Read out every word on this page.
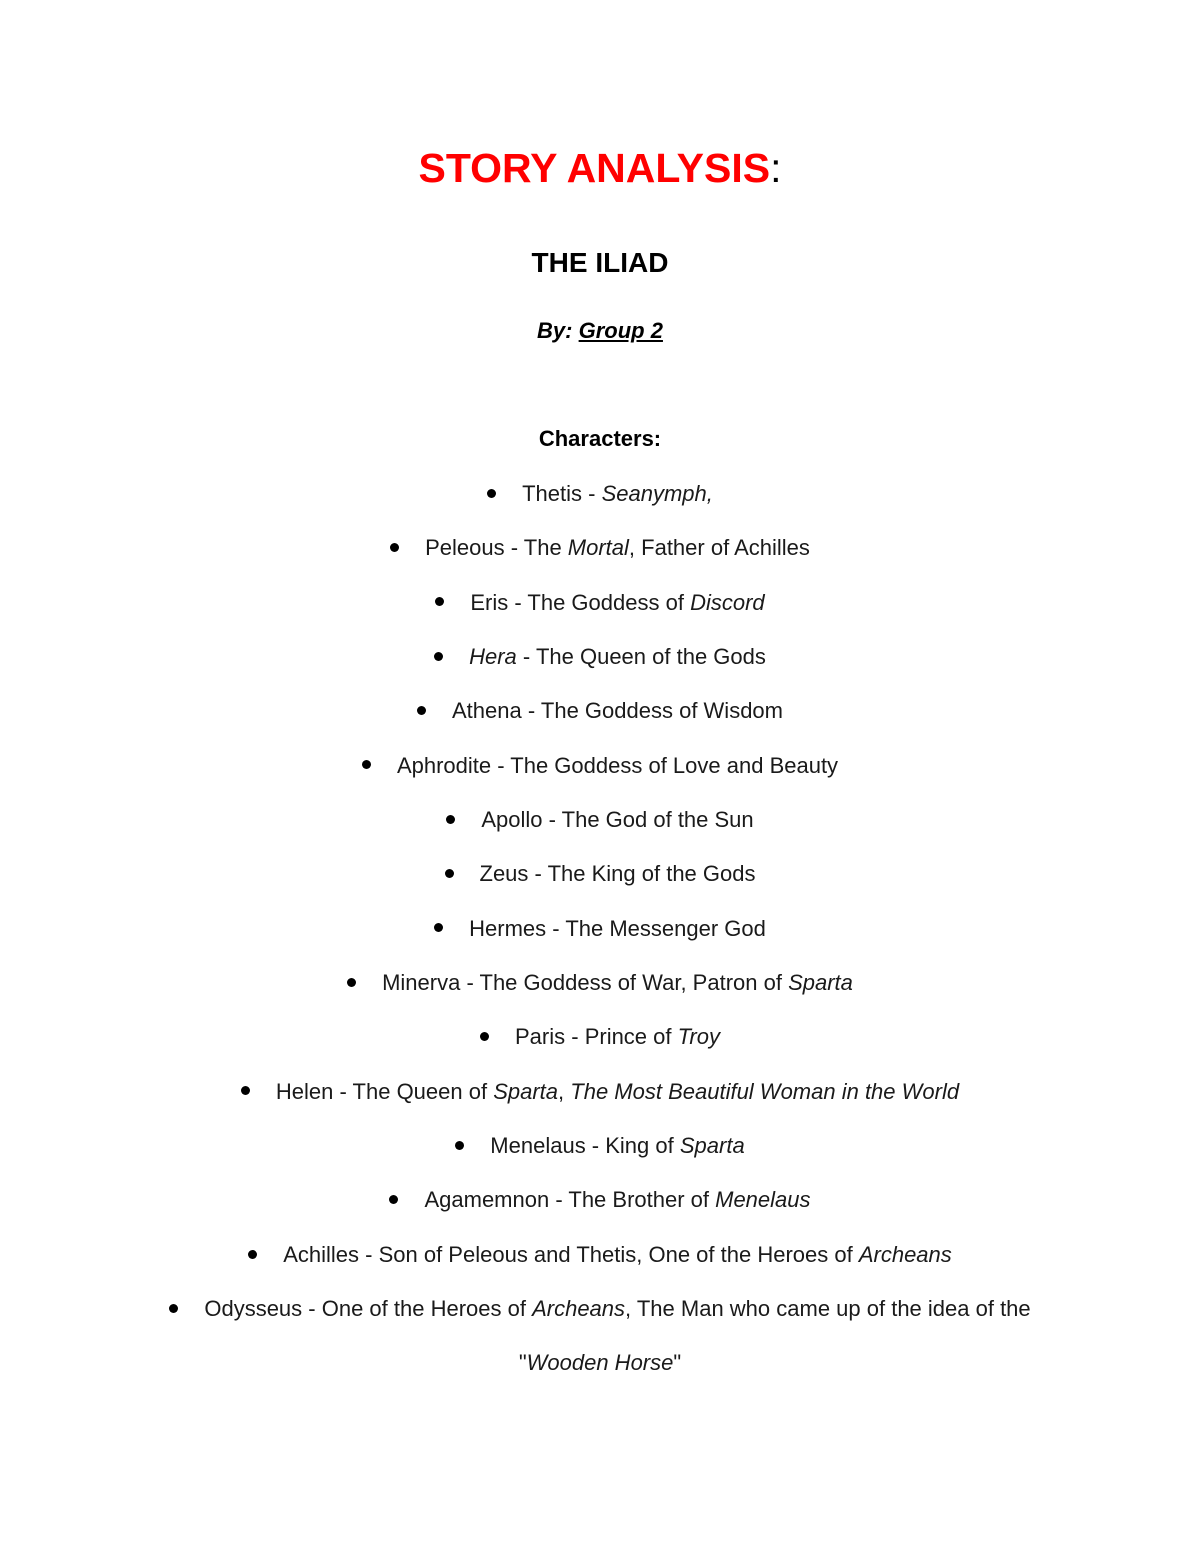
STORY ANALYSIS:
THE ILIAD
By: Group 2
Characters:
Thetis - Seanymph,
Peleous - The Mortal, Father of Achilles
Eris - The Goddess of Discord
Hera - The Queen of the Gods
Athena - The Goddess of Wisdom
Aphrodite - The Goddess of Love and Beauty
Apollo - The God of the Sun
Zeus - The King of the Gods
Hermes - The Messenger God
Minerva - The Goddess of War, Patron of Sparta
Paris - Prince of Troy
Helen - The Queen of Sparta, The Most Beautiful Woman in the World
Menelaus - King of Sparta
Agamemnon - The Brother of Menelaus
Achilles - Son of Peleous and Thetis, One of the Heroes of Archeans
Odysseus - One of the Heroes of Archeans, The Man who came up of the idea of the "Wooden Horse"
